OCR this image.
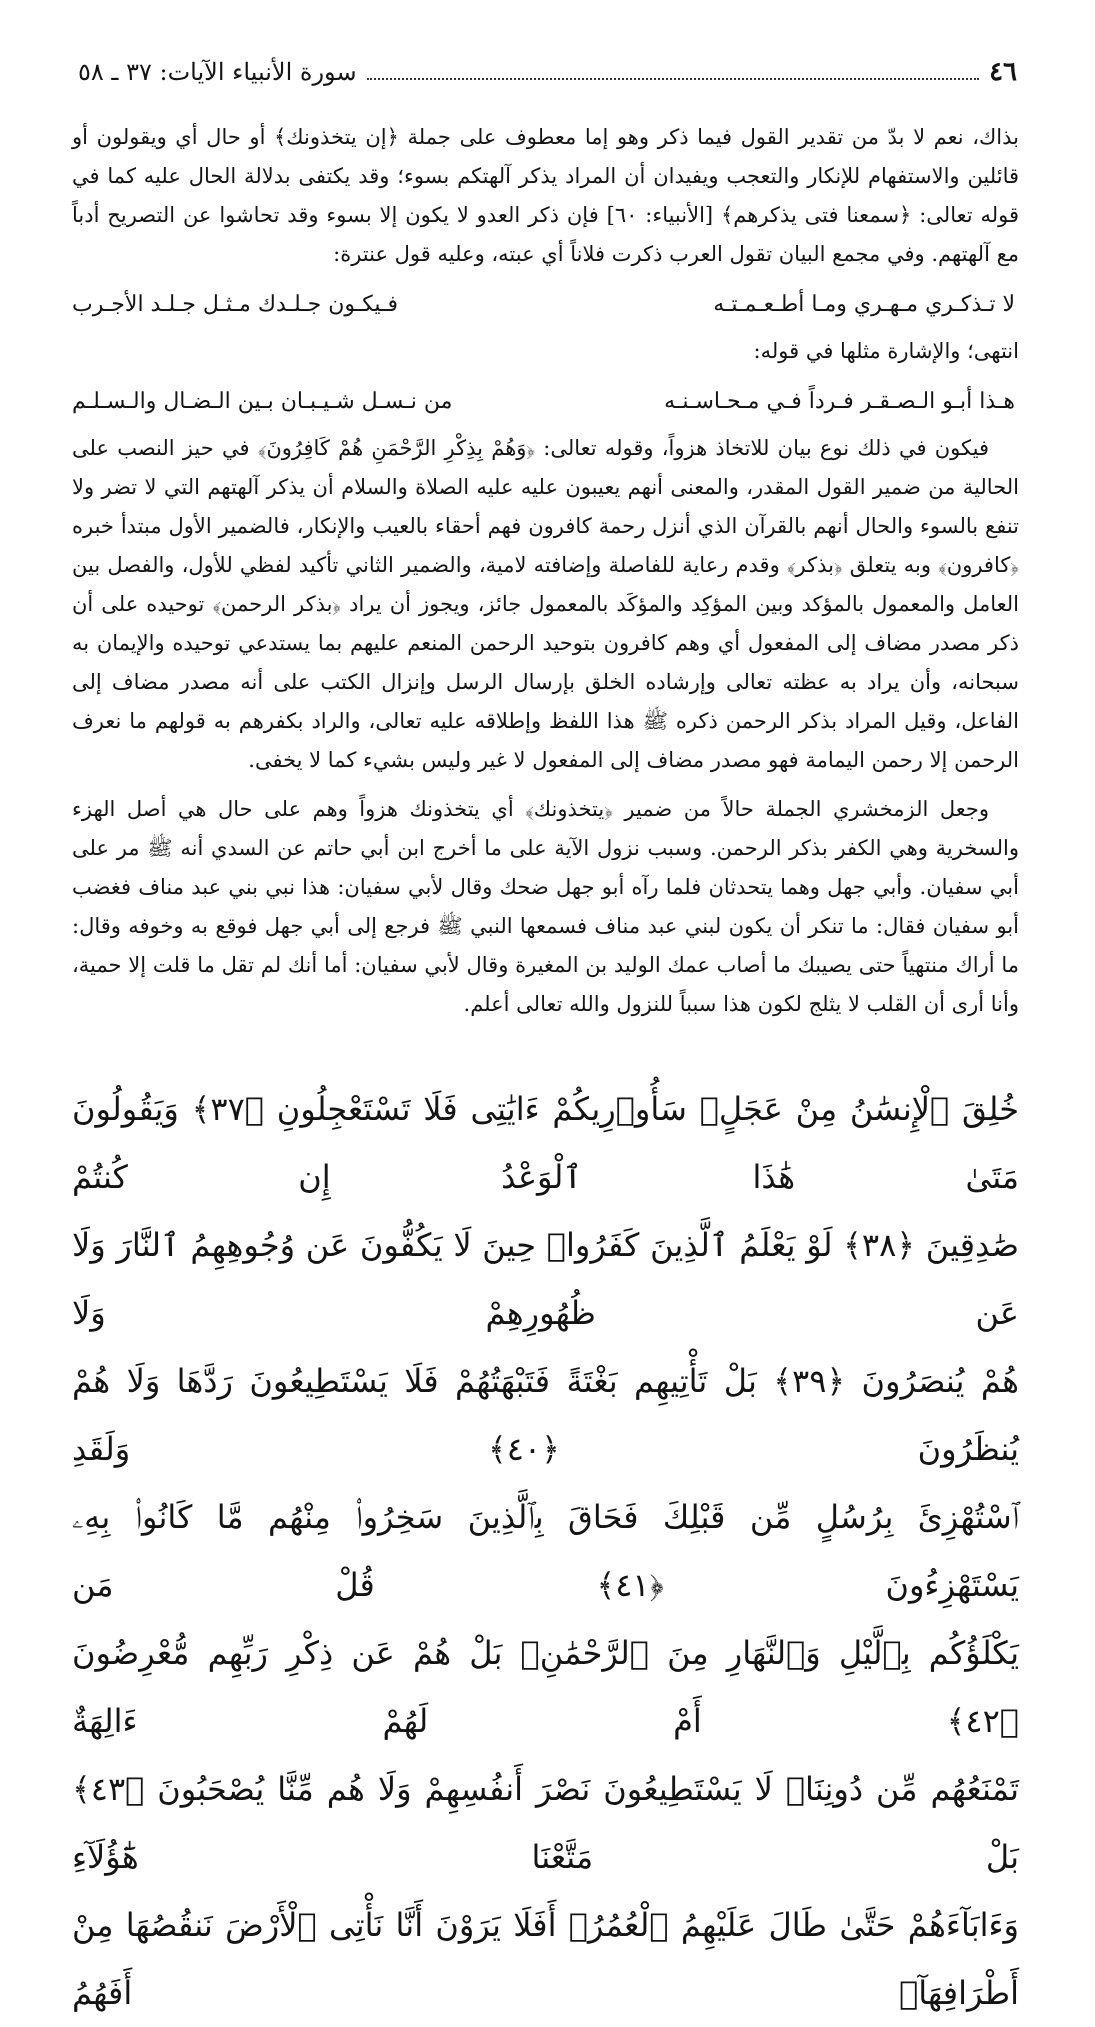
٤٦
سورة الأنبياء الآيات: ٣٧ ـ ٥٨

بذاك، نعم لا بدّ من تقدير القول فيما ذكر وهو إما معطوف على جملة ﴿إن يتخذونك﴾ أو حال أي ويقولون أو قائلين والاستفهام للإنكار والتعجب ويفيدان أن المراد يذكر آلهتكم بسوء؛ وقد يكتفى بدلالة الحال عليه كما في قوله تعالى: ﴿سمعنا فتى يذكرهم﴾ [الأنبياء: ٦٠] فإن ذكر العدو لا يكون إلا بسوء وقد تحاشوا عن التصريح أدباً مع آلهتهم. وفي مجمع البيان تقول العرب ذكرت فلاناً أي عبته، وعليه قول عنترة:

لا تـذكـري مـهـري ومـا أطـعـمـتـه
فـيكـون جـلـدك مـثـل جـلـد الأجـرب

انتهى؛ والإشارة مثلها في قوله:

هـذا أبـو الـصـقـر فـرداً فـي مـحـاسـنـه
من نـسـل شـيـبـان بـين الـضـال والـسـلـم

فيكون في ذلك نوع بيان للاتخاذ هزواً، وقوله تعالى: ﴿وَهُمْ بِذِكْرِ الرَّحْمَنِ هُمْ كَافِرُونَ﴾ في حيز النصب على الحالية من ضمير القول المقدر، والمعنى أنهم يعيبون عليه عليه الصلاة والسلام أن يذكر آلهتهم التي لا تضر ولا تنفع بالسوء والحال أنهم بالقرآن الذي أنزل رحمة كافرون فهم أحقاء بالعيب والإنكار، فالضمير الأول مبتدأ خبره ﴿كافرون﴾ وبه يتعلق ﴿بذكر﴾ وقدم رعاية للفاصلة وإضافته لامية، والضمير الثاني تأكيد لفظي للأول، والفصل بين العامل والمعمول بالمؤكد وبين المؤكِد والمؤكَد بالمعمول جائز، ويجوز أن يراد ﴿بذكر الرحمن﴾ توحيده على أن ذكر مصدر مضاف إلى المفعول أي وهم كافرون بتوحيد الرحمن المنعم عليهم بما يستدعي توحيده والإيمان به سبحانه، وأن يراد به عظته تعالى وإرشاده الخلق بإرسال الرسل وإنزال الكتب على أنه مصدر مضاف إلى الفاعل، وقيل المراد بذكر الرحمن ذكره ﷺ هذا اللفظ وإطلاقه عليه تعالى، والراد بكفرهم به قولهم ما نعرف الرحمن إلا رحمن اليمامة فهو مصدر مضاف إلى المفعول لا غير وليس بشيء كما لا يخفى.

وجعل الزمخشري الجملة حالاً من ضمير ﴿يتخذونك﴾ أي يتخذونك هزواً وهم على حال هي أصل الهزء والسخرية وهي الكفر بذكر الرحمن. وسبب نزول الآية على ما أخرج ابن أبي حاتم عن السدي أنه ﷺ مر على أبي سفيان. وأبي جهل وهما يتحدثان فلما رآه أبو جهل ضحك وقال لأبي سفيان: هذا نبي بني عبد مناف فغضب أبو سفيان فقال: ما تنكر أن يكون لبني عبد مناف فسمعها النبي ﷺ فرجع إلى أبي جهل فوقع به وخوفه وقال: ما أراك منتهياً حتى يصيبك ما أصاب عمك الوليد بن المغيرة وقال لأبي سفيان: أما أنك لم تقل ما قلت إلا حمية، وأنا أرى أن القلب لا يثلج لكون هذا سبباً للنزول والله تعالى أعلم.

خُلِقَ ٱلْإِنسَٰنُ مِنْ عَجَلٍۚ سَأُو۟رِيكُمْ ءَايَٰتِى فَلَا تَسْتَعْجِلُونِ ﴿٣٧﴾ وَيَقُولُونَ مَتَىٰ هَٰذَا ٱلْوَعْدُ إِن كُنتُمْ

صَٰدِقِينَ ﴿٣٨﴾ لَوْ يَعْلَمُ ٱلَّذِينَ كَفَرُوا۟ حِينَ لَا يَكُفُّونَ عَن وُجُوهِهِمُ ٱلنَّارَ وَلَا عَن ظُهُورِهِمْ وَلَا

هُمْ يُنصَرُونَ ﴿٣٩﴾ بَلْ تَأْتِيهِم بَغْتَةً فَتَبْهَتُهُمْ فَلَا يَسْتَطِيعُونَ رَدَّهَا وَلَا هُمْ يُنظَرُونَ ﴿٤٠﴾ وَلَقَدِ

ٱسْتُهْزِئَ بِرُسُلٍ مِّن قَبْلِكَ فَحَاقَ بِٱلَّذِينَ سَخِرُوا۟ مِنْهُم مَّا كَانُوا۟ بِهِۦ يَسْتَهْزِءُونَ ﴿٤١﴾ قُلْ مَن

يَكْلَؤُكُم بِٱلَّيْلِ وَٱلنَّهَارِ مِنَ ٱلرَّحْمَٰنِۗ بَلْ هُمْ عَن ذِكْرِ رَبِّهِم مُّعْرِضُونَ ﴿٤٢﴾ أَمْ لَهُمْ ءَالِهَةٌ

تَمْنَعُهُم مِّن دُونِنَاۚ لَا يَسْتَطِيعُونَ نَصْرَ أَنفُسِهِمْ وَلَا هُم مِّنَّا يُصْحَبُونَ ﴿٤٣﴾ بَلْ مَتَّعْنَا هَٰٓؤُلَآءِ

وَءَابَآءَهُمْ حَتَّىٰ طَالَ عَلَيْهِمُ ٱلْعُمُرُۗ أَفَلَا يَرَوْنَ أَنَّا نَأْتِى ٱلْأَرْضَ نَنقُصُهَا مِنْ أَطْرَافِهَآۚ أَفَهُمُ
